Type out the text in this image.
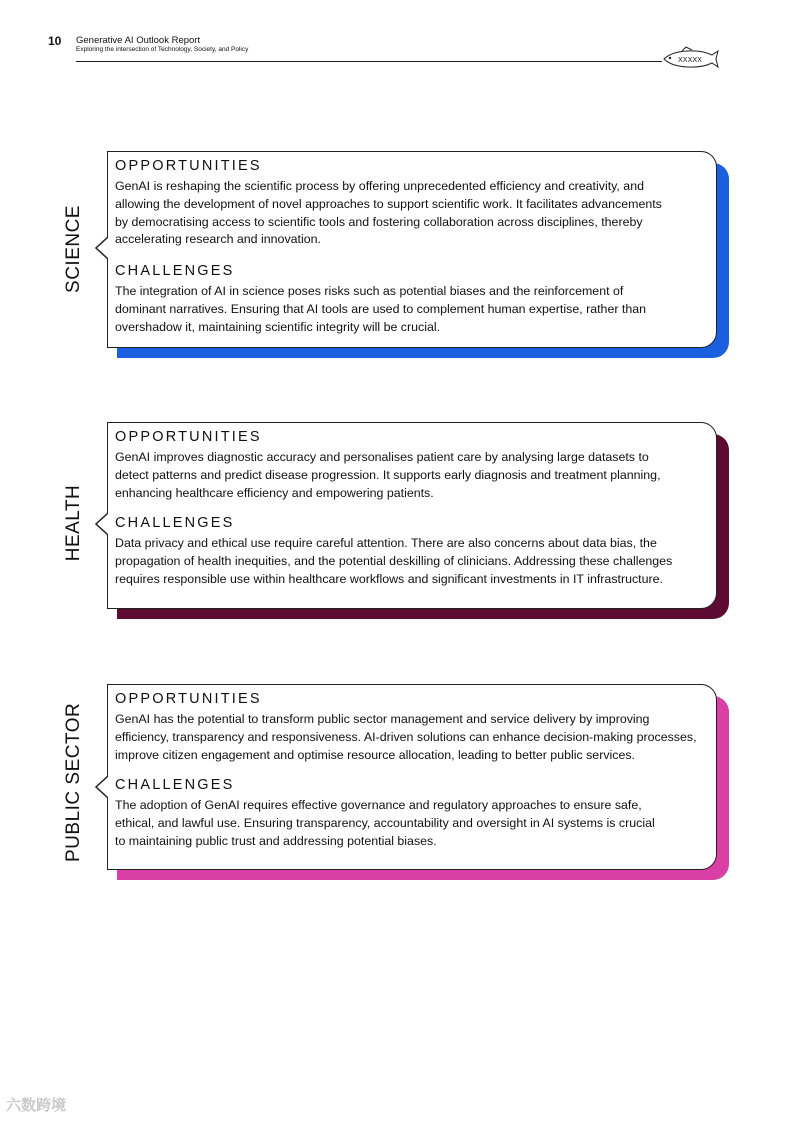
10 Generative AI Outlook Report
Exploring the intersection of Technology, Society, and Policy
XXXXX

OPPORTUNITIES

GenAI is reshaping the scientific process by offering unprecedented efficiency and creativity, and

allowing the development of novel approaches to support scientific work. It facilitates advancements

by democratising access to scientific tools and fostering collaboration across disciplines, thereby

accelerating research and innovation.

CHALLENGES

The integration of AI in science poses risks such as potential biases and the reinforcement of

dominant narratives. Ensuring that AI tools are used to complement human expertise, rather than

overshadow it, maintaining scientific integrity will be crucial.

SCIENCE

OPPORTUNITIES

GenAI improves diagnostic accuracy and personalises patient care by analysing large datasets to

detect patterns and predict disease progression. It supports early diagnosis and treatment planning,

enhancing healthcare efficiency and empowering patients.

CHALLENGES

Data privacy and ethical use require careful attention. There are also concerns about data bias, the

propagation of health inequities, and the potential deskilling of clinicians. Addressing these challenges

requires responsible use within healthcare workflows and significant investments in IT infrastructure.

HEALTH

OPPORTUNITIES

GenAI has the potential to transform public sector management and service delivery by improving

efficiency, transparency and responsiveness. AI-driven solutions can enhance decision-making processes,

improve citizen engagement and optimise resource allocation, leading to better public services.

CHALLENGES

The adoption of GenAI requires effective governance and regulatory approaches to ensure safe,

ethical, and lawful use. Ensuring transparency, accountability and oversight in AI systems is crucial

to maintaining public trust and addressing potential biases.

PUBLIC SECTOR
六数跨境
